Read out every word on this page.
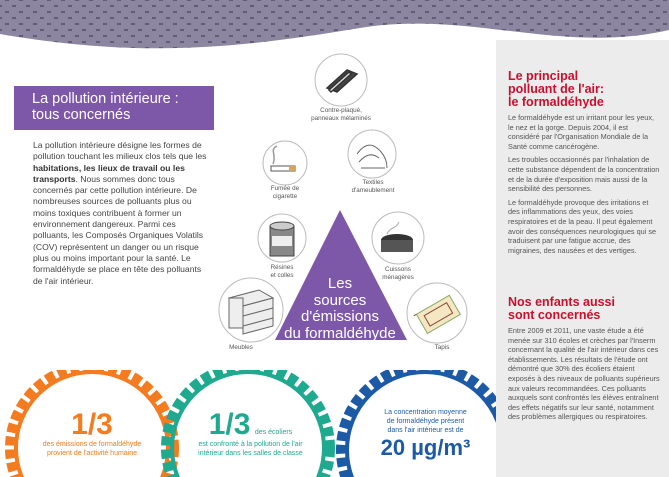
La pollution intérieure :
tous concernés
La pollution intérieure désigne les formes de pollution touchant les milieux clos tels que les habitations, les lieux de travail ou les transports. Nous sommes donc tous concernés par cette pollution intérieure. De nombreuses sources de polluants plus ou moins toxiques contribuent à former un environnement dangereux. Parmi ces polluants, les Composés Organiques Volatils (COV) représentent un danger ou un risque plus ou moins important pour la santé. Le formaldéhyde se place en tête des polluants de l'air intérieur.
Contre-plaqué,
panneaux mélaminés
Fumée de
cigarette
Textiles
d'ameublement
Résines
et colles
Cuissons
ménagères
Meubles	Tapis
Les
sources
d'émissions
du formaldéhyde
1/3
des émissions de formaldéhyde
provient de l'activité humaine
1/3 des écoliers
est confronté à la pollution de l'air
intérieur dans les salles de classe
La concentration moyenne
de formaldéhyde présent
dans l'air intérieur est de
20 µg/m³

Le principal

polluant de l'air:

le formaldéhyde

Le formaldéhyde est un irritant pour les yeux, le nez et la gorge. Depuis 2004, il est considéré par l'Organisation Mondiale de la Santé comme cancérogène.

Les troubles occasionnés par l'inhalation de cette substance dépendent de la concentration et de la durée d'exposition mais aussi de la sensibilité des personnes.

Le formaldéhyde provoque des irritations et des inflammations des yeux, des voies respiratoires et de la peau. Il peut également avoir des conséquences neurologiques qui se traduisent par une fatigue accrue, des migraines, des nausées et des vertiges.

Nos enfants aussi

sont concernés

Entre 2009 et 2011, une vaste étude a été menée sur 310 écoles et crèches par l'Inserm concernant la qualité de l'air intérieur dans ces établissements. Les résultats de l'étude ont démontré que 30% des écoliers étaient exposés à des niveaux de polluants supérieurs aux valeurs recommandées. Ces polluants auxquels sont confrontés les élèves entraînent des effets négatifs sur leur santé, notamment des problèmes allergiques ou respiratoires.
